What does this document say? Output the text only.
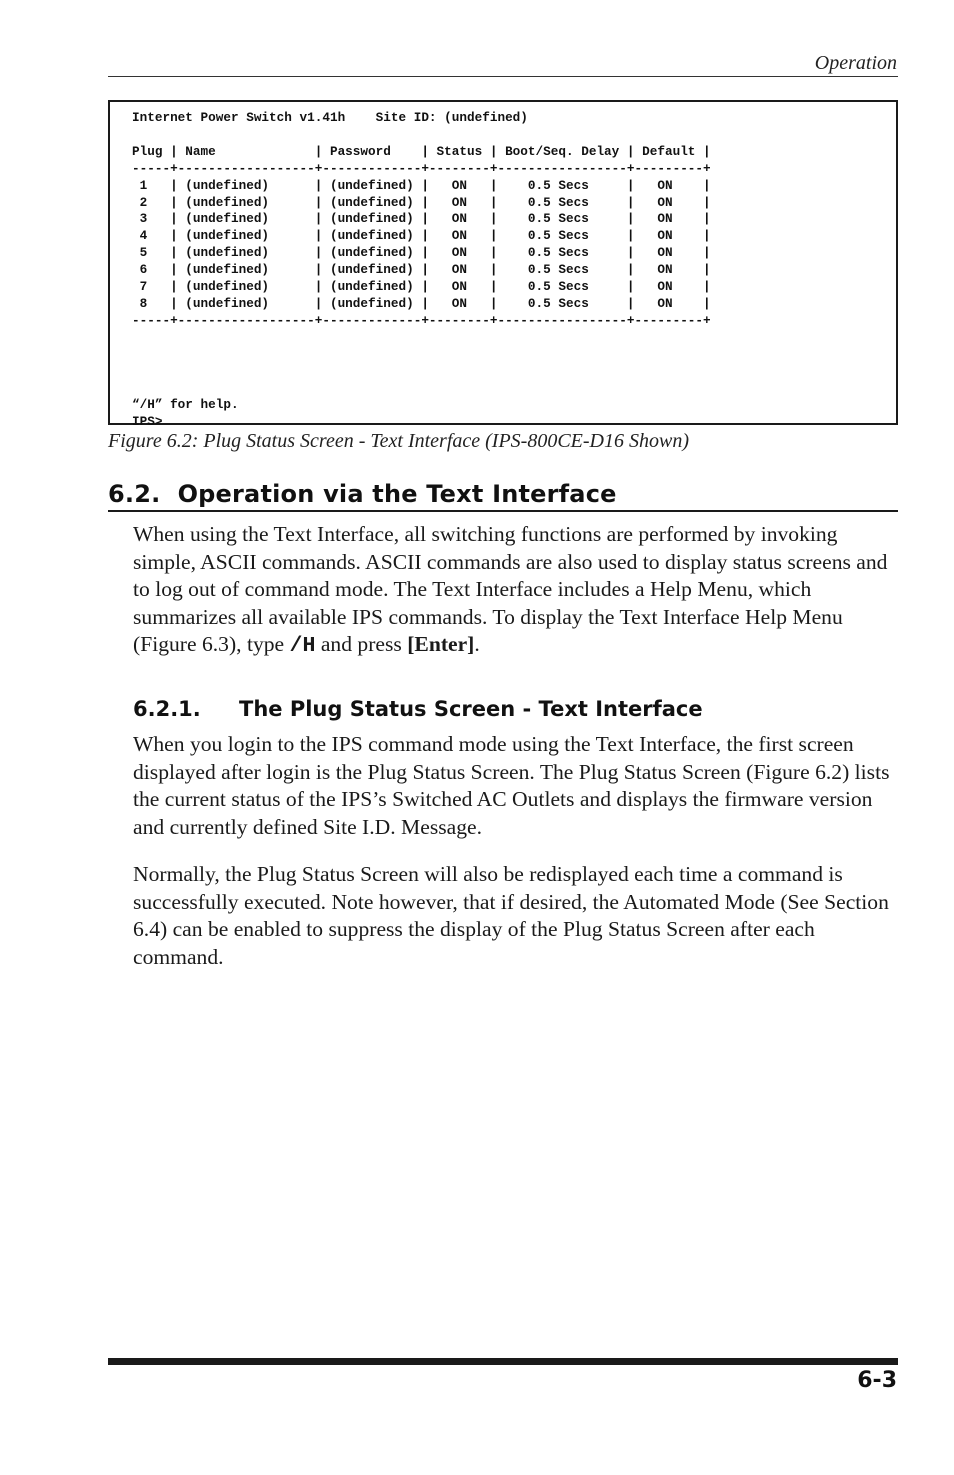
Operation
Internet Power Switch v1.41h    Site ID: (undefined)

Plug | Name             | Password    | Status | Boot/Seq. Delay | Default |
-----+------------------+-------------+--------+-----------------+---------+
1   | (undefined)      | (undefined) |   ON   |    0.5 Secs     |   ON    |
2   | (undefined)      | (undefined) |   ON   |    0.5 Secs     |   ON    |
3   | (undefined)      | (undefined) |   ON   |    0.5 Secs     |   ON    |
4   | (undefined)      | (undefined) |   ON   |    0.5 Secs     |   ON    |
5   | (undefined)      | (undefined) |   ON   |    0.5 Secs     |   ON    |
6   | (undefined)      | (undefined) |   ON   |    0.5 Secs     |   ON    |
7   | (undefined)      | (undefined) |   ON   |    0.5 Secs     |   ON    |
8   | (undefined)      | (undefined) |   ON   |    0.5 Secs     |   ON    |
-----+------------------+-------------+--------+-----------------+---------+

“/H” for help.
IPS>
Figure 6.2: Plug Status Screen - Text Interface (IPS-800CE-D16 Shown)
6.2. Operation via the Text Interface

When using the Text Interface, all switching functions are performed by invoking simple, ASCII commands. ASCII commands are also used to display status screens and to log out of command mode. The Text Interface includes a Help Menu, which summarizes all available IPS commands. To display the Text Interface Help Menu (Figure 6.3), type /H and press [Enter].

6.2.1. The Plug Status Screen - Text Interface

When you login to the IPS command mode using the Text Interface, the first screen displayed after login is the Plug Status Screen. The Plug Status Screen (Figure 6.2) lists the current status of the IPS’s Switched AC Outlets and displays the firmware version and currently defined Site I.D. Message.

Normally, the Plug Status Screen will also be redisplayed each time a command is successfully executed. Note however, that if desired, the Automated Mode (See Section 6.4) can be enabled to suppress the display of the Plug Status Screen after each command.

6-3
